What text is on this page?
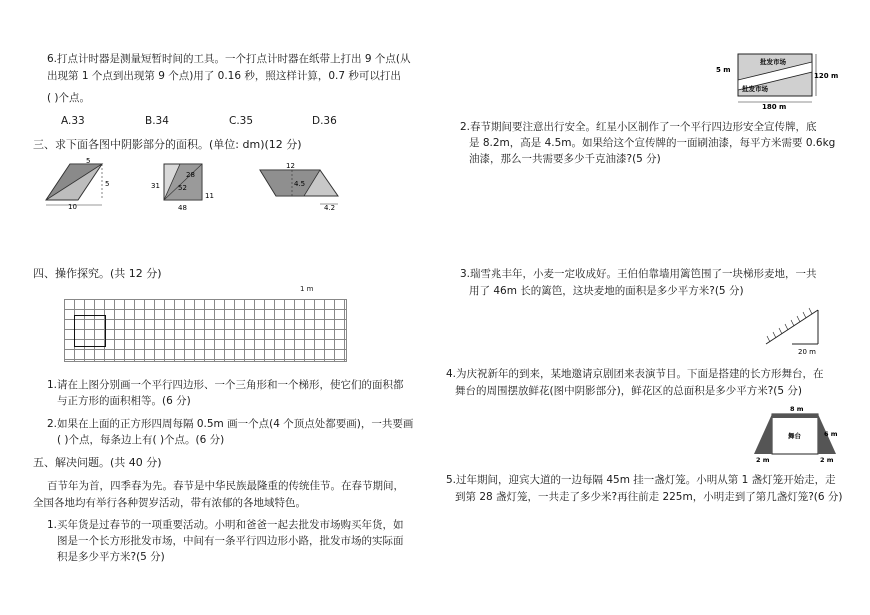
6.打点计时器是测量短暂时间的工具。一个打点计时器在纸带上打出 9 个点(从
出现第 1 个点到出现第 9 个点)用了 0.16 秒，照这样计算，0.7 秒可以打出
( )个点。
A.33	B.34	C.35	D.36
三、求下面各图中阴影部分的面积。(单位: dm)(12 分)
5
5
10
28
52
31
11
48
12
4.5
4.2
四、操作探究。(共 12 分)
1 m
1.请在上图分别画一个平行四边形、一个三角形和一个梯形，使它们的面积都
与正方形的面积相等。(6 分)
2.如果在上面的正方形四周每隔 0.5m 画一个点(4 个顶点处都要画)，一共要画
( )个点，每条边上有( )个点。(6 分)
五、解决问题。(共 40 分)
百节年为首，四季春为先。春节是中华民族最隆重的传统佳节。在春节期间，
全国各地均有举行各种贺岁活动，带有浓郁的各地域特色。
1.买年货是过春节的一项重要活动。小明和爸爸一起去批发市场购买年货，如
图是一个长方形批发市场，中间有一条平行四边形小路，批发市场的实际面
积是多少平方米?(5 分)
批发市场
批发市场
5 m
120 m
180 m
2.春节期间要注意出行安全。红星小区制作了一个平行四边形安全宣传牌，底
是 8.2m，高是 4.5m。如果给这个宣传牌的一面刷油漆，每平方米需要 0.6kg
油漆，那么一共需要多少千克油漆?(5 分)
3.瑞雪兆丰年，小麦一定收成好。王伯伯靠墙用篱笆围了一块梯形麦地，一共
用了 46m 长的篱笆，这块麦地的面积是多少平方米?(5 分)
20 m
4.为庆祝新年的到来，某地邀请京剧团来表演节目。下面是搭建的长方形舞台，在
舞台的周围摆放鲜花(图中阴影部分)，鲜花区的总面积是多少平方米?(5 分)
8 m
舞台	6 m
2 m	2 m
5.过年期间，迎宾大道的一边每隔 45m 挂一盏灯笼。小明从第 1 盏灯笼开始走，走
到第 28 盏灯笼，一共走了多少米?再往前走 225m，小明走到了第几盏灯笼?(6 分)
